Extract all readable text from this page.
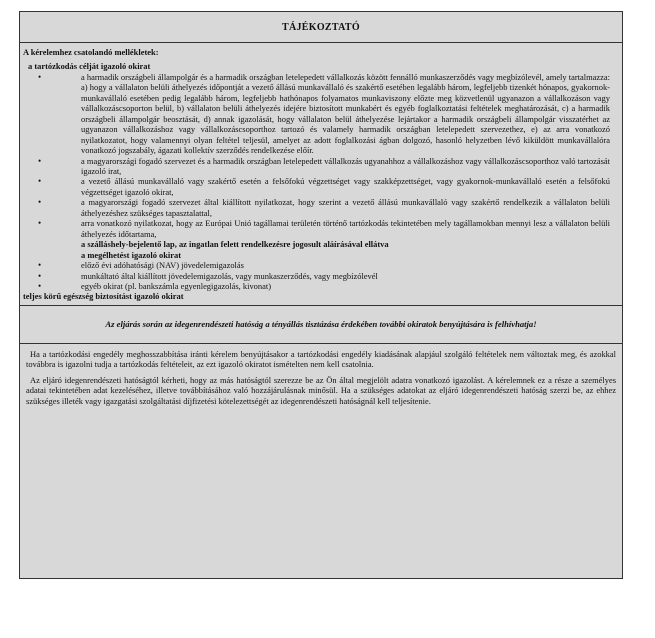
TÁJÉKOZTATÓ
A kérelemhez csatolandó mellékletek:
a tartózkodás célját igazoló okirat
• a harmadik országbeli állampolgár és a harmadik országban letelepedett vállalkozás között fennálló munkaszerződés vagy megbízólevél, amely tartalmazza: a) hogy a vállalaton belüli áthelyezés időpontját a vezető állású munkavállaló és szakértő esetében legalább három, legfeljebb tizenkét hónapos, gyakornok-munkavállaló esetében pedig legalább három, legfeljebb hathónapos folyamatos munkaviszony előzte meg közvetlenül ugyanazon a vállalkozáson vagy vállalkozáscsoporton belül, b) vállalaton belüli áthelyezés idejére biztosított munkabért és egyéb foglalkoztatási feltételek meghatározását, c) a harmadik országbeli állampolgár beosztását, d) annak igazolását, hogy vállalaton belül áthelyezése lejártakor a harmadik országbeli állampolgár visszatérhet az ugyanazon vállalkozáshoz vagy vállalkozáscsoporthoz tartozó és valamely harmadik országban letelepedett szervezethez, e) az arra vonatkozó nyilatkozatot, hogy valamennyi olyan feltétel teljesül, amelyet az adott foglalkozási ágban dolgozó, hasonló helyzetben lévő kiküldött munkavállalóra vonatkozó jogszabály, ágazati kollektív szerződés rendelkezése előír.
• a magyarországi fogadó szervezet és a harmadik országban letelepedett vállalkozás ugyanahhoz a vállalkozáshoz vagy vállalkozáscsoporthoz való tartozását igazoló irat,
• a vezető állású munkavállaló vagy szakértő esetén a felsőfokú végzettséget vagy szakképzettséget, vagy gyakornok-munkavállaló esetén a felsőfokú végzettséget igazoló okirat,
• a magyarországi fogadó szervezet által kiállított nyilatkozat, hogy szerint a vezető állású munkavállaló vagy szakértő rendelkezik a vállalaton belüli áthelyezéshez szükséges tapasztalattal,
• arra vonatkozó nyilatkozat, hogy az Európai Unió tagállamai területén történő tartózkodás tekintetében mely tagállamokban mennyi lesz a vállalaton belüli áthelyezés időtartama,
a szálláshely-bejelentő lap, az ingatlan felett rendelkezésre jogosult aláírásával ellátva
a megélhetést igazoló okirat
• előző évi adóhatósági (NAV) jövedelemigazolás
• munkáltató által kiállított jövedelemigazolás, vagy munkaszerződés, vagy megbízólevél
• egyéb okirat (pl. bankszámla egyenlegigazolás, kivonat)
teljes körű egészség biztosítást igazoló okirat
Az eljárás során az idegenrendészeti hatóság a tényállás tisztázása érdekében további okiratok benyújtására is felhívhatja!

Ha a tartózkodási engedély meghosszabbítása iránti kérelem benyújtásakor a tartózkodási engedély kiadásának alapjául szolgáló feltételek nem változtak meg, és azokkal továbbra is igazolni tudja a tartózkodás feltételeit, az ezt igazoló okiratot ismételten nem kell csatolnia.

Az eljáró idegenrendészeti hatóságtól kérheti, hogy az más hatóságtól szerezze be az Ön által megjelölt adatra vonatkozó igazolást. A kérelemnek ez a része a személyes adatai tekintetében adat kezeléséhez, illetve továbbításához való hozzájárulásnak minősül. Ha a szükséges adatokat az eljáró idegenrendészeti hatóság szerzi be, az ehhez szükséges illeték vagy igazgatási szolgáltatási díjfizetési kötelezettségét az idegenrendészeti hatóságnál kell teljesítenie.
